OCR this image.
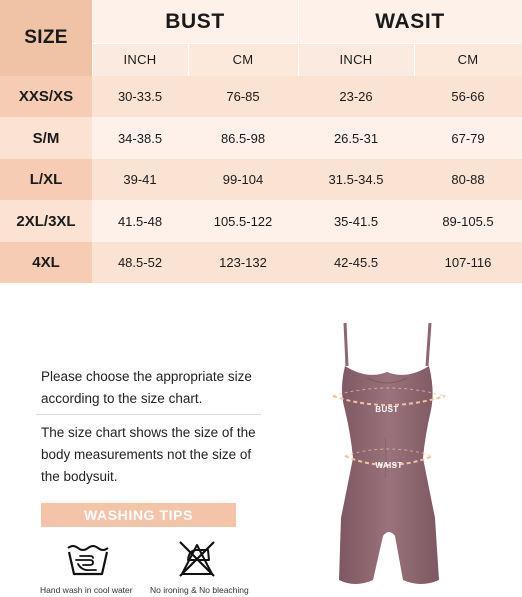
SIZE
BUST	WASIT
INCH	CM	INCH	CM
XXS/XS	30-33.5	76-85	23-26	56-66
S/M	34-38.5	86.5-98	26.5-31	67-79
L/XL	39-41	99-104	31.5-34.5	80-88
2XL/3XL	41.5-48	105.5-122	35-41.5	89-105.5
4XL	48.5-52	123-132	42-45.5	107-116
Please choose the appropriate size according to the size chart.
The size chart shows the size of the body measurements not the size of the bodysuit.
WASHING TIPS
Hand wash in cool water No ironing & No bleaching
BUST
WAIST
